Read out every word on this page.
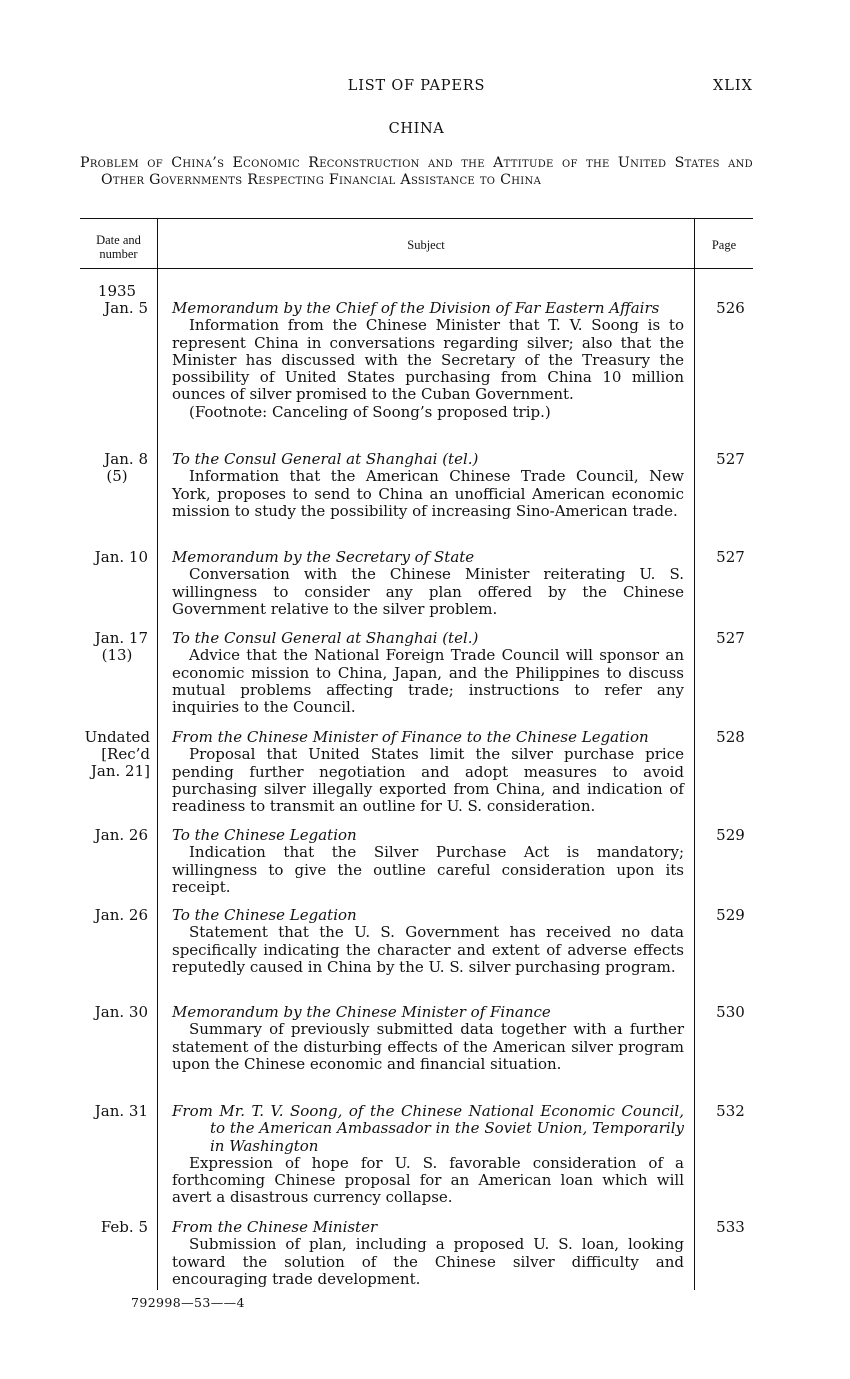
LIST OF PAPERS	XLIX
CHINA
Problem of China’s Economic Reconstruction and the Attitude of the United States and Other Governments Respecting Financial Assistance to China
Date and number
Subject	Page
1935
Jan. 5 Memorandum by the Chief of the Division of Far Eastern Affairs
Information from the Chinese Minister that T. V. Soong is to represent China in conversations regarding silver; also that the Minister has discussed with the Secretary of the Treasury the possibility of United States purchasing from China 10 million ounces of silver promised to the Cuban Government.
(Footnote: Canceling of Soong’s proposed trip.)
526
Jan. 8
(5)
To the Consul General at Shanghai (tel.)
Information that the American Chinese Trade Council, New York, proposes to send to China an unofficial American economic mission to study the possibility of increasing Sino-American trade.
527
Jan. 10 Memorandum by the Secretary of State
Conversation with the Chinese Minister reiterating U. S. willingness to consider any plan offered by the Chinese Government relative to the silver problem.
527
Jan. 17
(13)
To the Consul General at Shanghai (tel.)
Advice that the National Foreign Trade Council will sponsor an economic mission to China, Japan, and the Philippines to discuss mutual problems affecting trade; instructions to refer any inquiries to the Council.
527
Undated
[Rec’d
Jan. 21]
From the Chinese Minister of Finance to the Chinese Legation
Proposal that United States limit the silver purchase price pending further negotiation and adopt measures to avoid purchasing silver illegally exported from China, and indication of readiness to transmit an outline for U. S. consideration.
528
Jan. 26 To the Chinese Legation
Indication that the Silver Purchase Act is mandatory; willingness to give the outline careful consideration upon its receipt.
529
Jan. 26 To the Chinese Legation
Statement that the U. S. Government has received no data specifically indicating the character and extent of adverse effects reputedly caused in China by the U. S. silver purchasing program.
529
Jan. 30 Memorandum by the Chinese Minister of Finance
Summary of previously submitted data together with a further statement of the disturbing effects of the American silver program upon the Chinese economic and financial situation.
530
Jan. 31 From Mr. T. V. Soong, of the Chinese National Economic Council, to the American Ambassador in the Soviet Union, Temporarily in Washington
Expression of hope for U. S. favorable consideration of a forthcoming Chinese proposal for an American loan which will avert a disastrous currency collapse.
532
Feb. 5 From the Chinese Minister
Submission of plan, including a proposed U. S. loan, looking toward the solution of the Chinese silver difficulty and encouraging trade development.
533
792998—53——4
